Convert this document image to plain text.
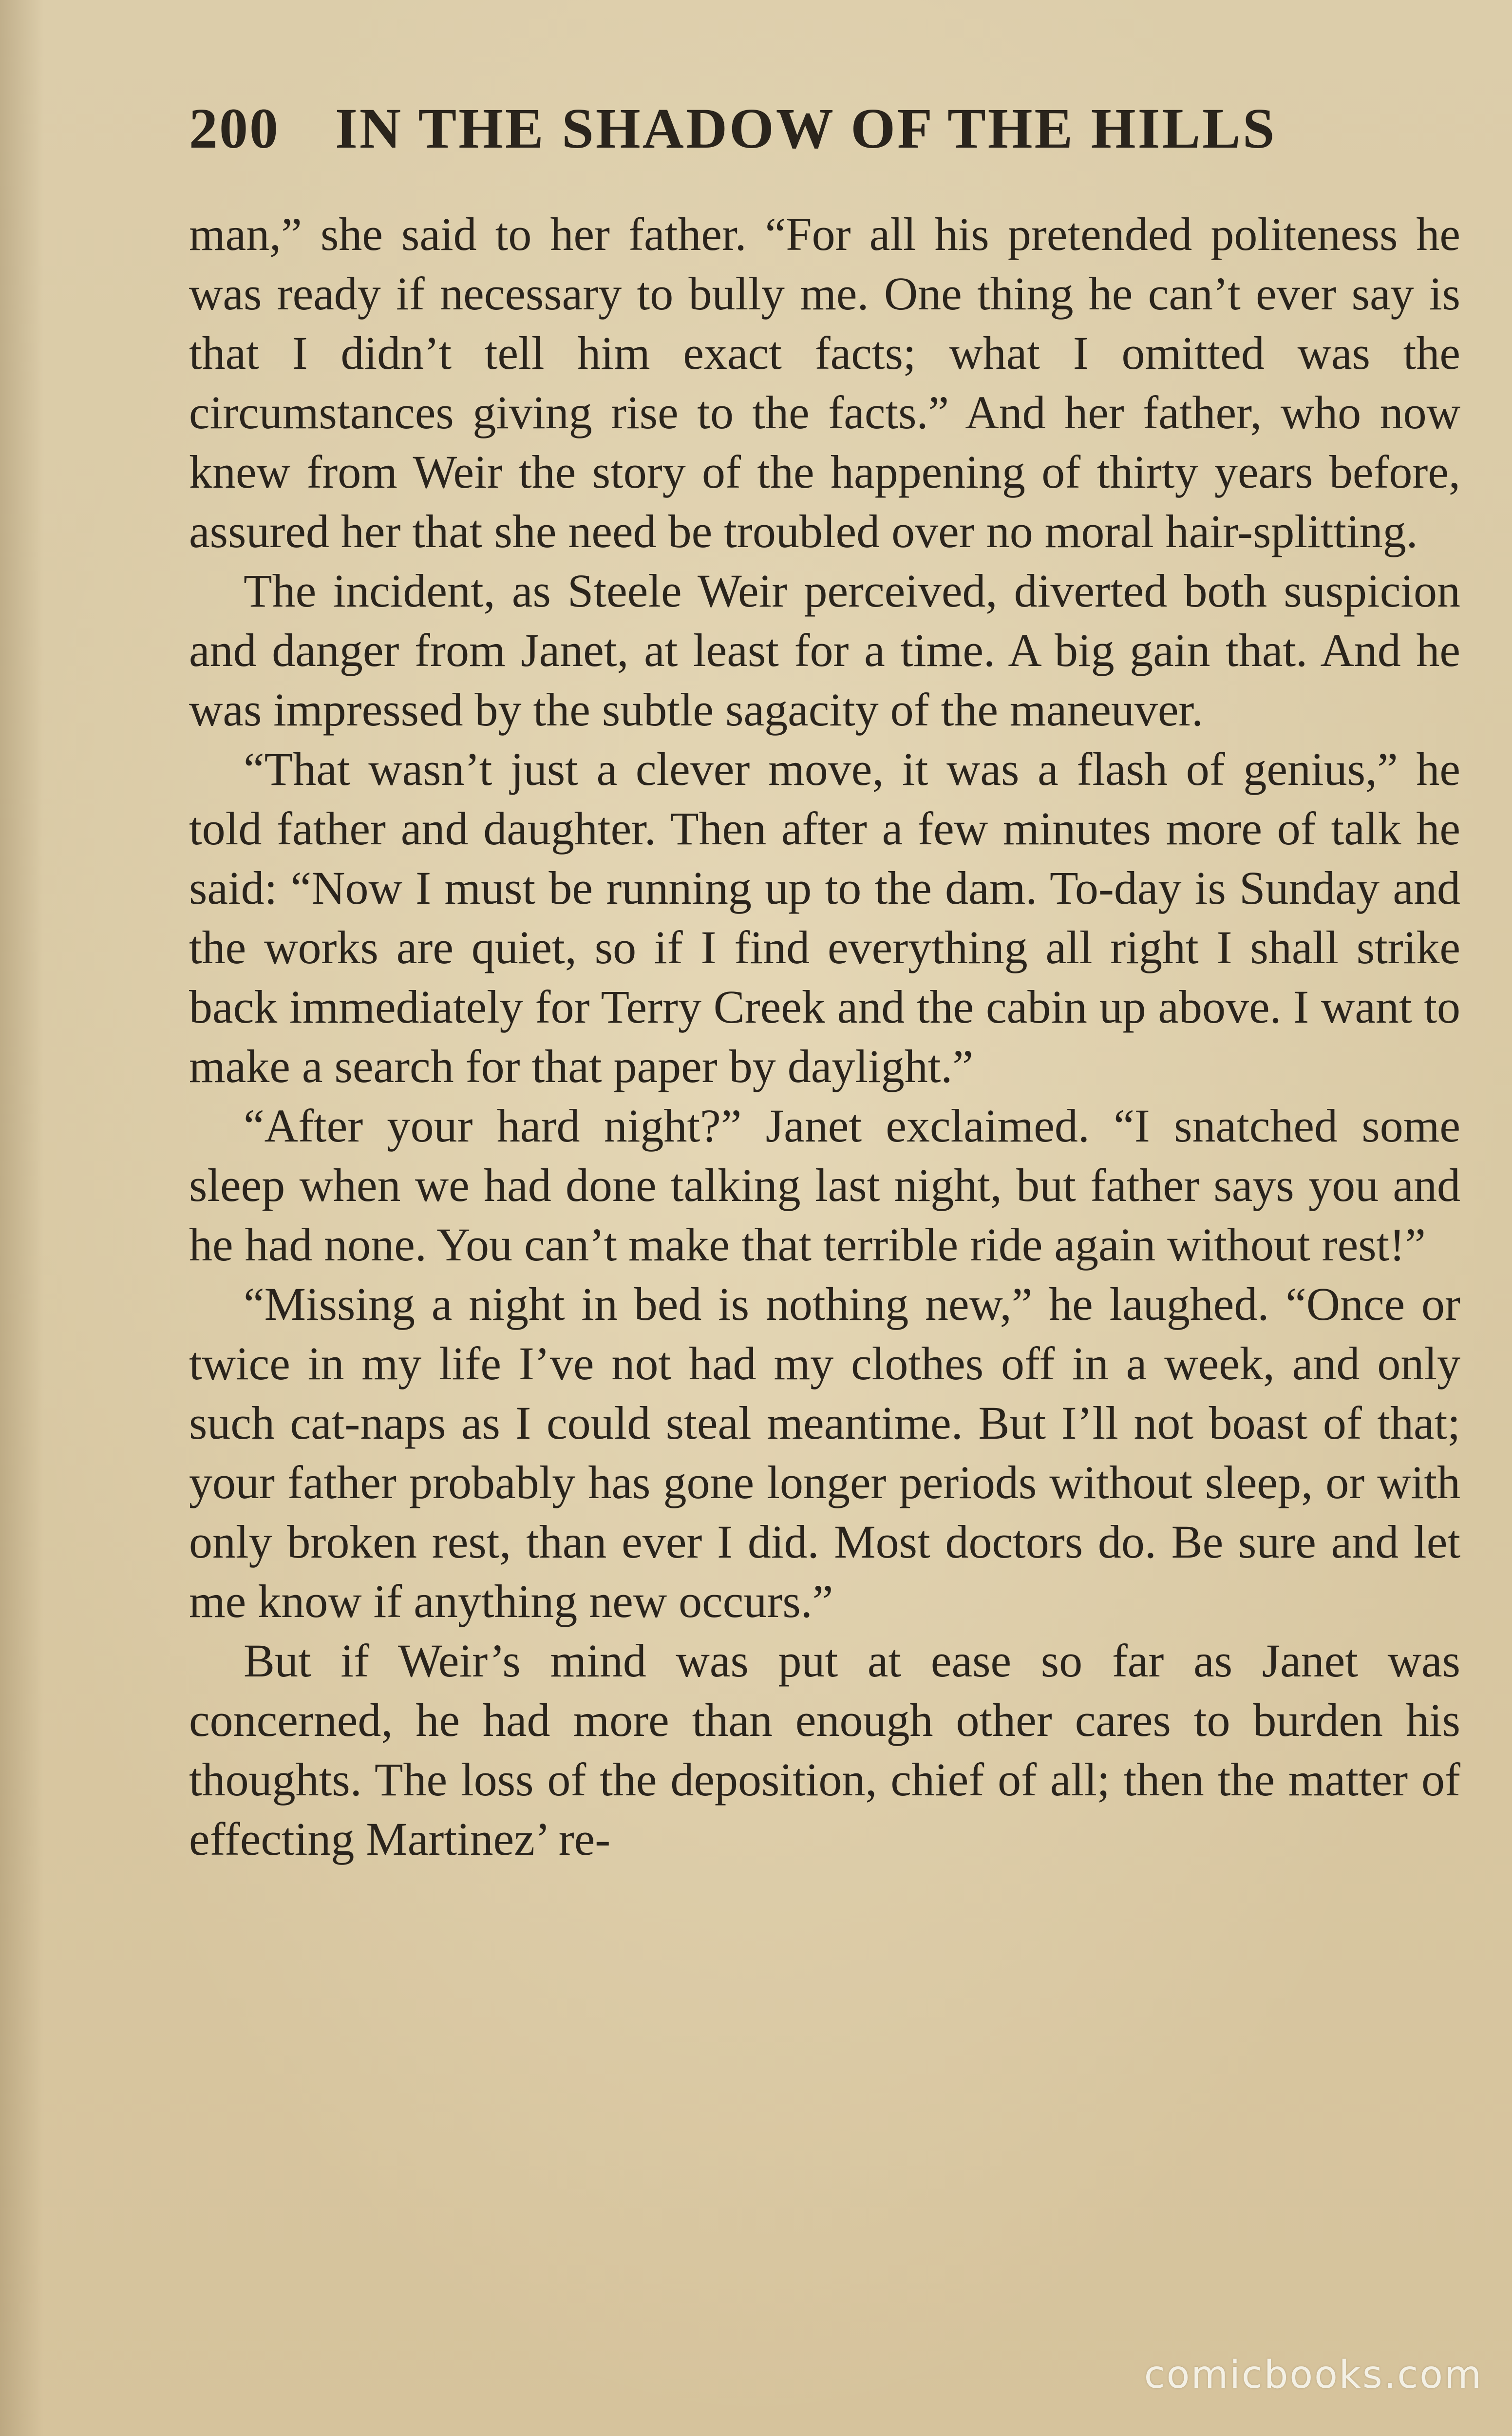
200 IN THE SHADOW OF THE HILLS

man,” she said to her father. “For all his pretended politeness he was ready if necessary to bully me. One thing he can’t ever say is that I didn’t tell him exact facts; what I omitted was the circumstances giving rise to the facts.” And her father, who now knew from Weir the story of the happening of thirty years before, assured her that she need be troubled over no moral hair-splitting.

The incident, as Steele Weir perceived, diverted both suspicion and danger from Janet, at least for a time. A big gain that. And he was impressed by the subtle sagacity of the maneuver.

“That wasn’t just a clever move, it was a flash of genius,” he told father and daughter. Then after a few minutes more of talk he said: “Now I must be running up to the dam. To-day is Sunday and the works are quiet, so if I find everything all right I shall strike back immediately for Terry Creek and the cabin up above. I want to make a search for that paper by daylight.”

“After your hard night?” Janet exclaimed. “I snatched some sleep when we had done talking last night, but father says you and he had none. You can’t make that terrible ride again without rest!”

“Missing a night in bed is nothing new,” he laughed. “Once or twice in my life I’ve not had my clothes off in a week, and only such cat-naps as I could steal meantime. But I’ll not boast of that; your father probably has gone longer periods without sleep, or with only broken rest, than ever I did. Most doctors do. Be sure and let me know if anything new occurs.”

But if Weir’s mind was put at ease so far as Janet was concerned, he had more than enough other cares to burden his thoughts. The loss of the deposition, chief of all; then the matter of effecting Martinez’ re-

comicbooks.com
